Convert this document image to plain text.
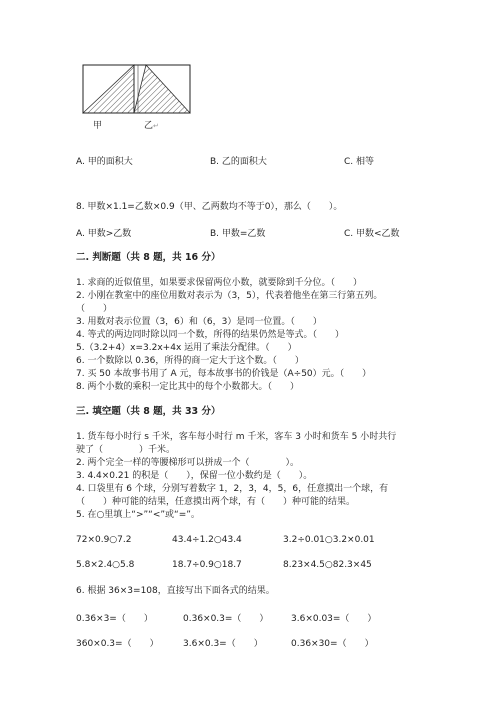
甲	乙↵
A. 甲的面积大	B. 乙的面积大	C. 相等
8. 甲数×1.1=乙数×0.9（甲、乙两数均不等于0），那么（　　）。
A. 甲数>乙数	B. 甲数=乙数	C. 甲数<乙数
二. 判断题（共 8 题，共 16 分）
1. 求商的近似值里，如果要求保留两位小数，就要除到千分位。（　　）
2. 小刚在教室中的座位用数对表示为（3，5），代表着他坐在第三行第五列。
（　　）
3. 用数对表示位置（3，6）和（6，3）是同一位置。（　　）
4. 等式的两边同时除以同一个数，所得的结果仍然是等式。（　　）
5.（3.2+4）x=3.2x+4x 运用了乘法分配律。（　　）
6. 一个数除以 0.36，所得的商一定大于这个数。（　　）
7. 买 50 本故事书用了 A 元，每本故事书的价钱是（A÷50）元。（　　）
8. 两个小数的乘积一定比其中的每个小数都大。（　　）
三. 填空题（共 8 题，共 33 分）
1. 货车每小时行 s 千米，客车每小时行 m 千米，客车 3 小时和货车 5 小时共行
驶了（　　　　）千米。
2. 两个完全一样的等腰梯形可以拼成一个（　　　　）。
3. 4.4×0.21 的积是（　　），保留一位小数约是（　　）。
4. 口袋里有 6 个球，分别写着数字 1，2，3，4，5，6，任意摸出一个球，有
（　　）种可能的结果，任意摸出两个球，有（　　）种可能的结果。
5. 在○里填上“>”“<”或“=”。
72×0.9○7.2	43.4÷1.2○43.4	3.2÷0.01○3.2×0.01
5.8×2.4○5.8	18.7÷0.9○18.7	8.23×4.5○82.3×45
6. 根据 36×3=108，直接写出下面各式的结果。
0.36×3=（　　）	0.36×0.3=（　　）	3.6×0.03=（　　）
360×0.3=（　　）	3.6×0.3=（　　）	0.36×30=（　　）
